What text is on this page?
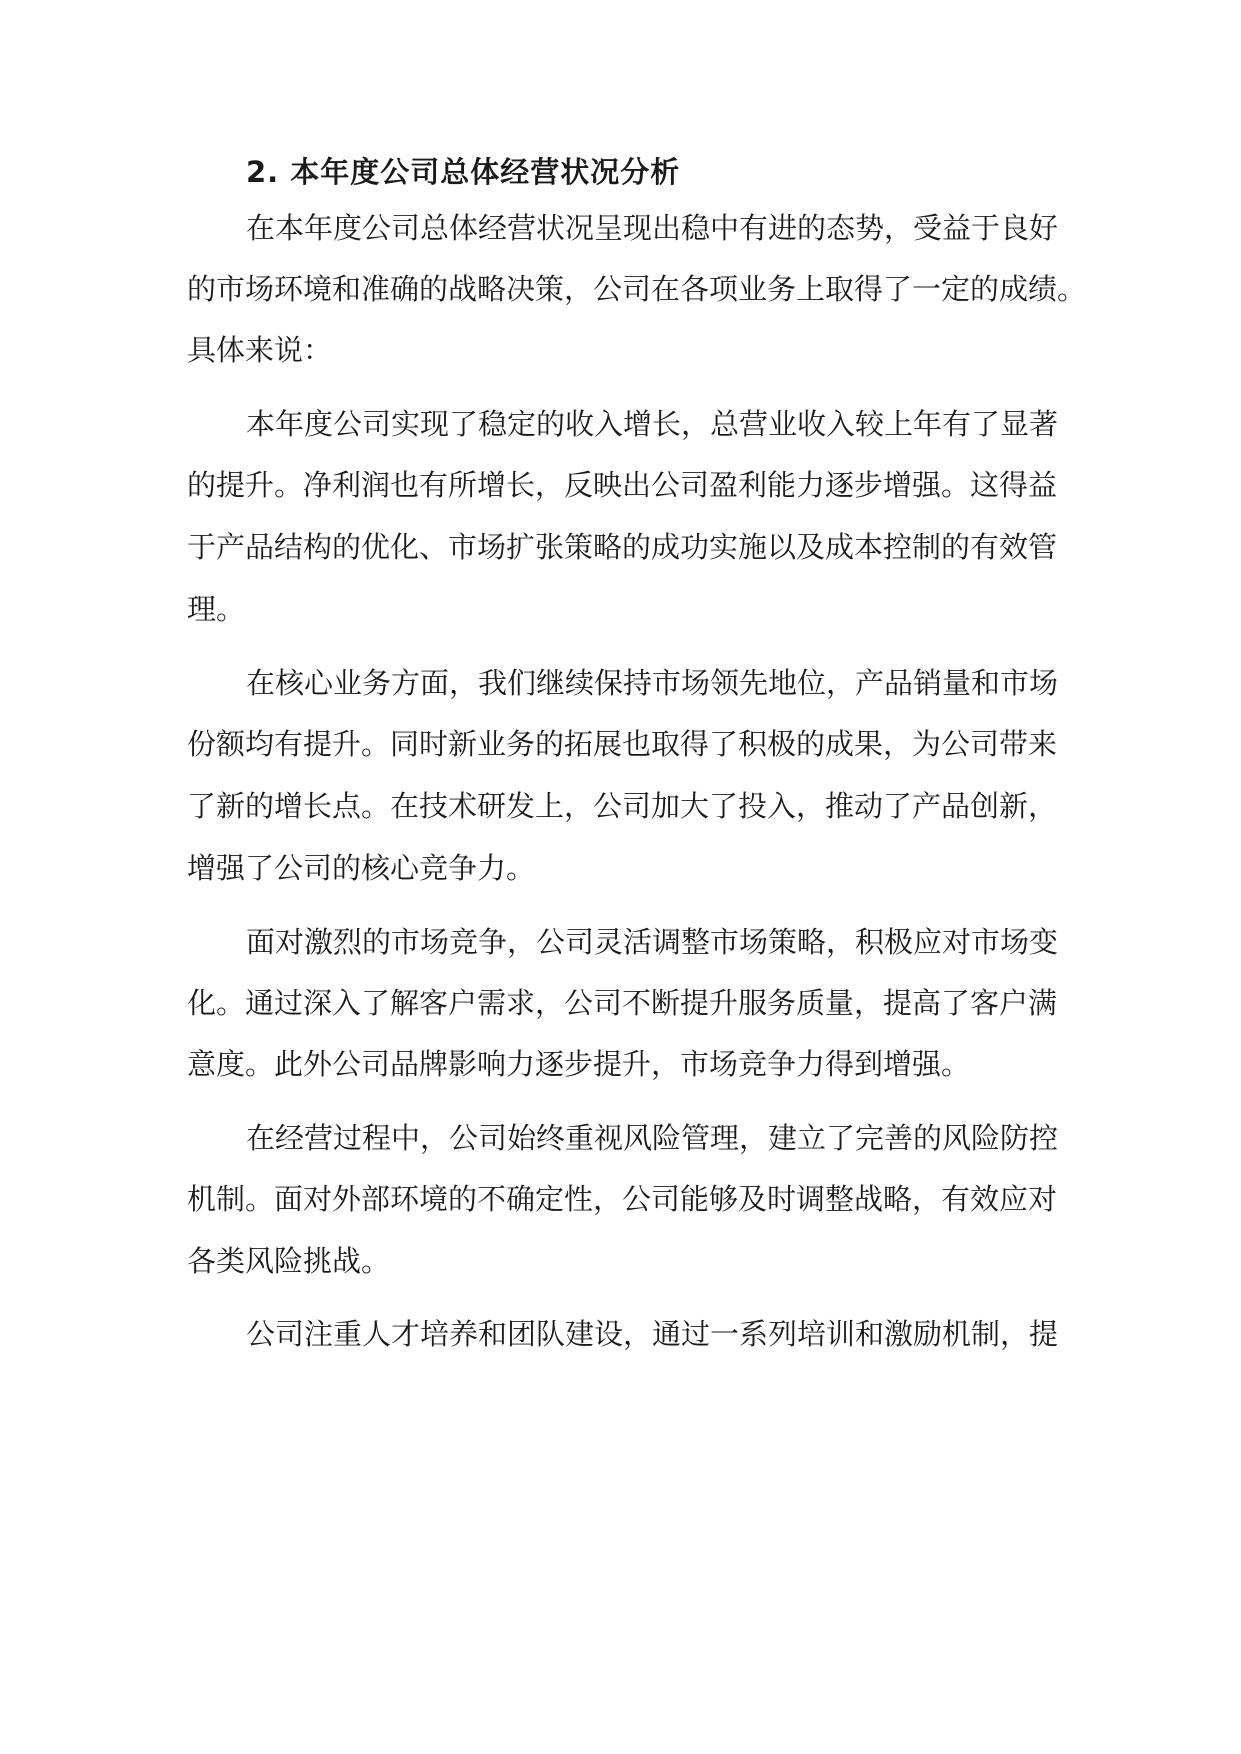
2. 本年度公司总体经营状况分析
在本年度公司总体经营状况呈现出稳中有进的态势，受益于良好
的市场环境和准确的战略决策，公司在各项业务上取得了一定的成绩。
具体来说：
本年度公司实现了稳定的收入增长，总营业收入较上年有了显著
的提升。净利润也有所增长，反映出公司盈利能力逐步增强。这得益
于产品结构的优化、市场扩张策略的成功实施以及成本控制的有效管
理。
在核心业务方面，我们继续保持市场领先地位，产品销量和市场
份额均有提升。同时新业务的拓展也取得了积极的成果，为公司带来
了新的增长点。在技术研发上，公司加大了投入，推动了产品创新，
增强了公司的核心竞争力。
面对激烈的市场竞争，公司灵活调整市场策略，积极应对市场变
化。通过深入了解客户需求，公司不断提升服务质量，提高了客户满
意度。此外公司品牌影响力逐步提升，市场竞争力得到增强。
在经营过程中，公司始终重视风险管理，建立了完善的风险防控
机制。面对外部环境的不确定性，公司能够及时调整战略，有效应对
各类风险挑战。
公司注重人才培养和团队建设，通过一系列培训和激励机制，提
